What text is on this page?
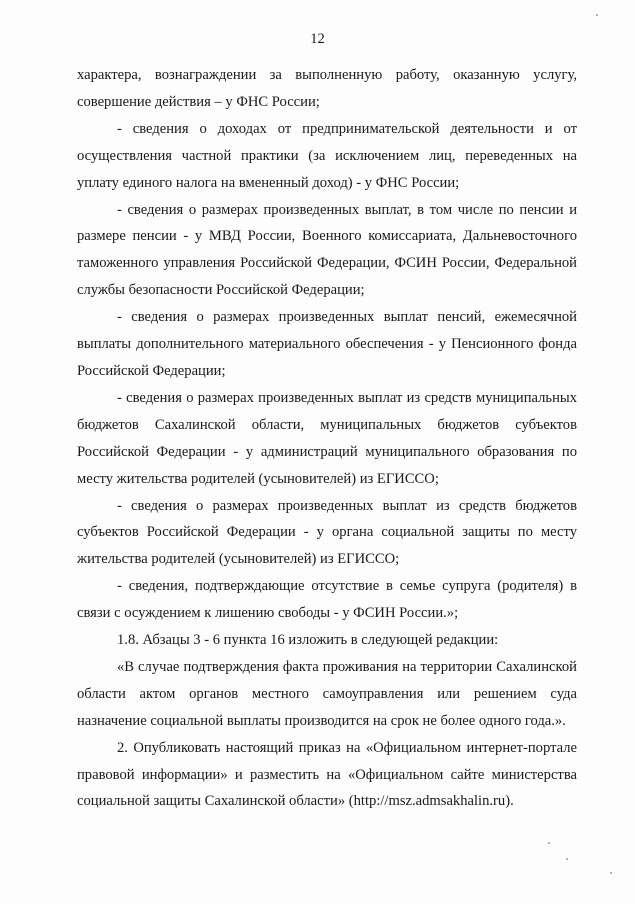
12

характера, вознаграждении за выполненную работу, оказанную услугу, совершение действия – у ФНС России;

- сведения о доходах от предпринимательской деятельности и от осуществления частной практики (за исключением лиц, переведенных на уплату единого налога на вмененный доход) - у ФНС России;

- сведения о размерах произведенных выплат, в том числе по пенсии и размере пенсии - у МВД России, Военного комиссариата, Дальневосточного таможенного управления Российской Федерации, ФСИН России, Федеральной службы безопасности Российской Федерации;

- сведения о размерах произведенных выплат пенсий, ежемесячной выплаты дополнительного материального обеспечения - у Пенсионного фонда Российской Федерации;

- сведения о размерах произведенных выплат из средств муниципальных бюджетов Сахалинской области, муниципальных бюджетов субъектов Российской Федерации - у администраций муниципального образования по месту жительства родителей (усыновителей) из ЕГИССО;

- сведения о размерах произведенных выплат из средств бюджетов субъектов Российской Федерации - у органа социальной защиты по месту жительства родителей (усыновителей) из ЕГИССО;

- сведения, подтверждающие отсутствие в семье супруга (родителя) в связи с осуждением к лишению свободы - у ФСИН России.»;

1.8. Абзацы 3 - 6 пункта 16 изложить в следующей редакции:

«В случае подтверждения факта проживания на территории Сахалинской области актом органов местного самоуправления или решением суда назначение социальной выплаты производится на срок не более одного года.».

2. Опубликовать настоящий приказ на «Официальном интернет-портале правовой информации» и разместить на «Официальном сайте министерства социальной защиты Сахалинской области» (http://msz.admsakhalin.ru).
